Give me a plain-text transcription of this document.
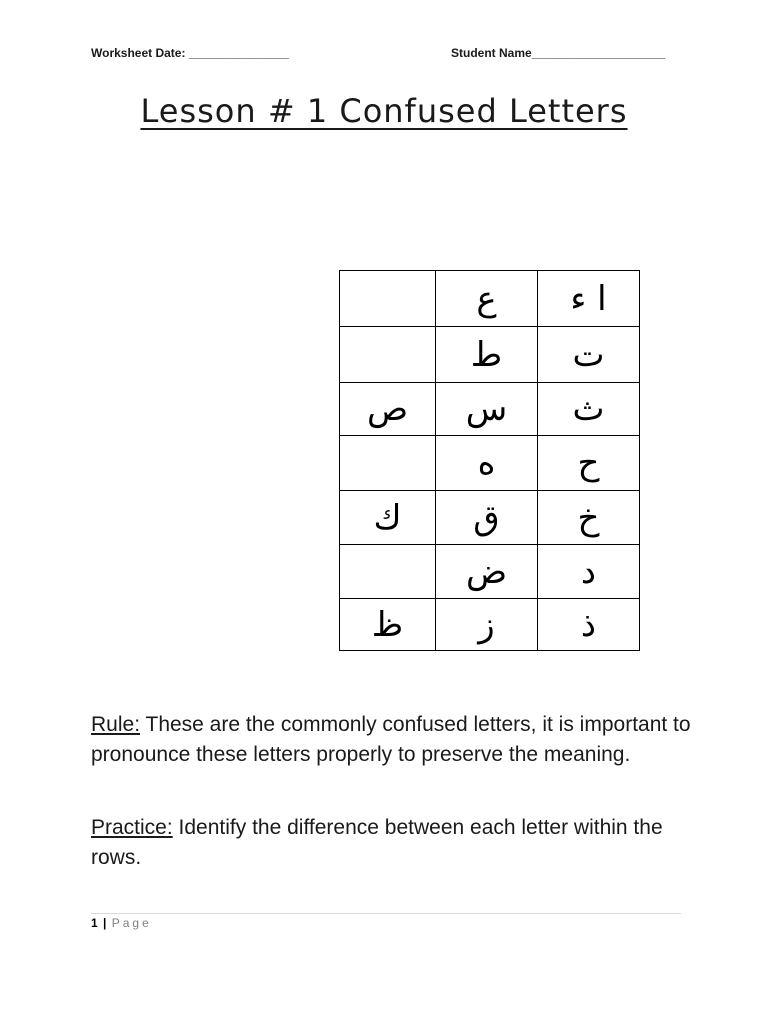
Worksheet Date: _______________	Student Name____________________
Lesson # 1 Confused Letters
ا ء	ع	
ت	ط	
ث	س	ص
ح	ه	
خ	ق	ك
د	ض	
ذ	ز	ظ
Rule: These are the commonly confused letters, it is important to pronounce these letters properly to preserve the meaning.
Practice: Identify the difference between each letter within the rows.
1 | Page
